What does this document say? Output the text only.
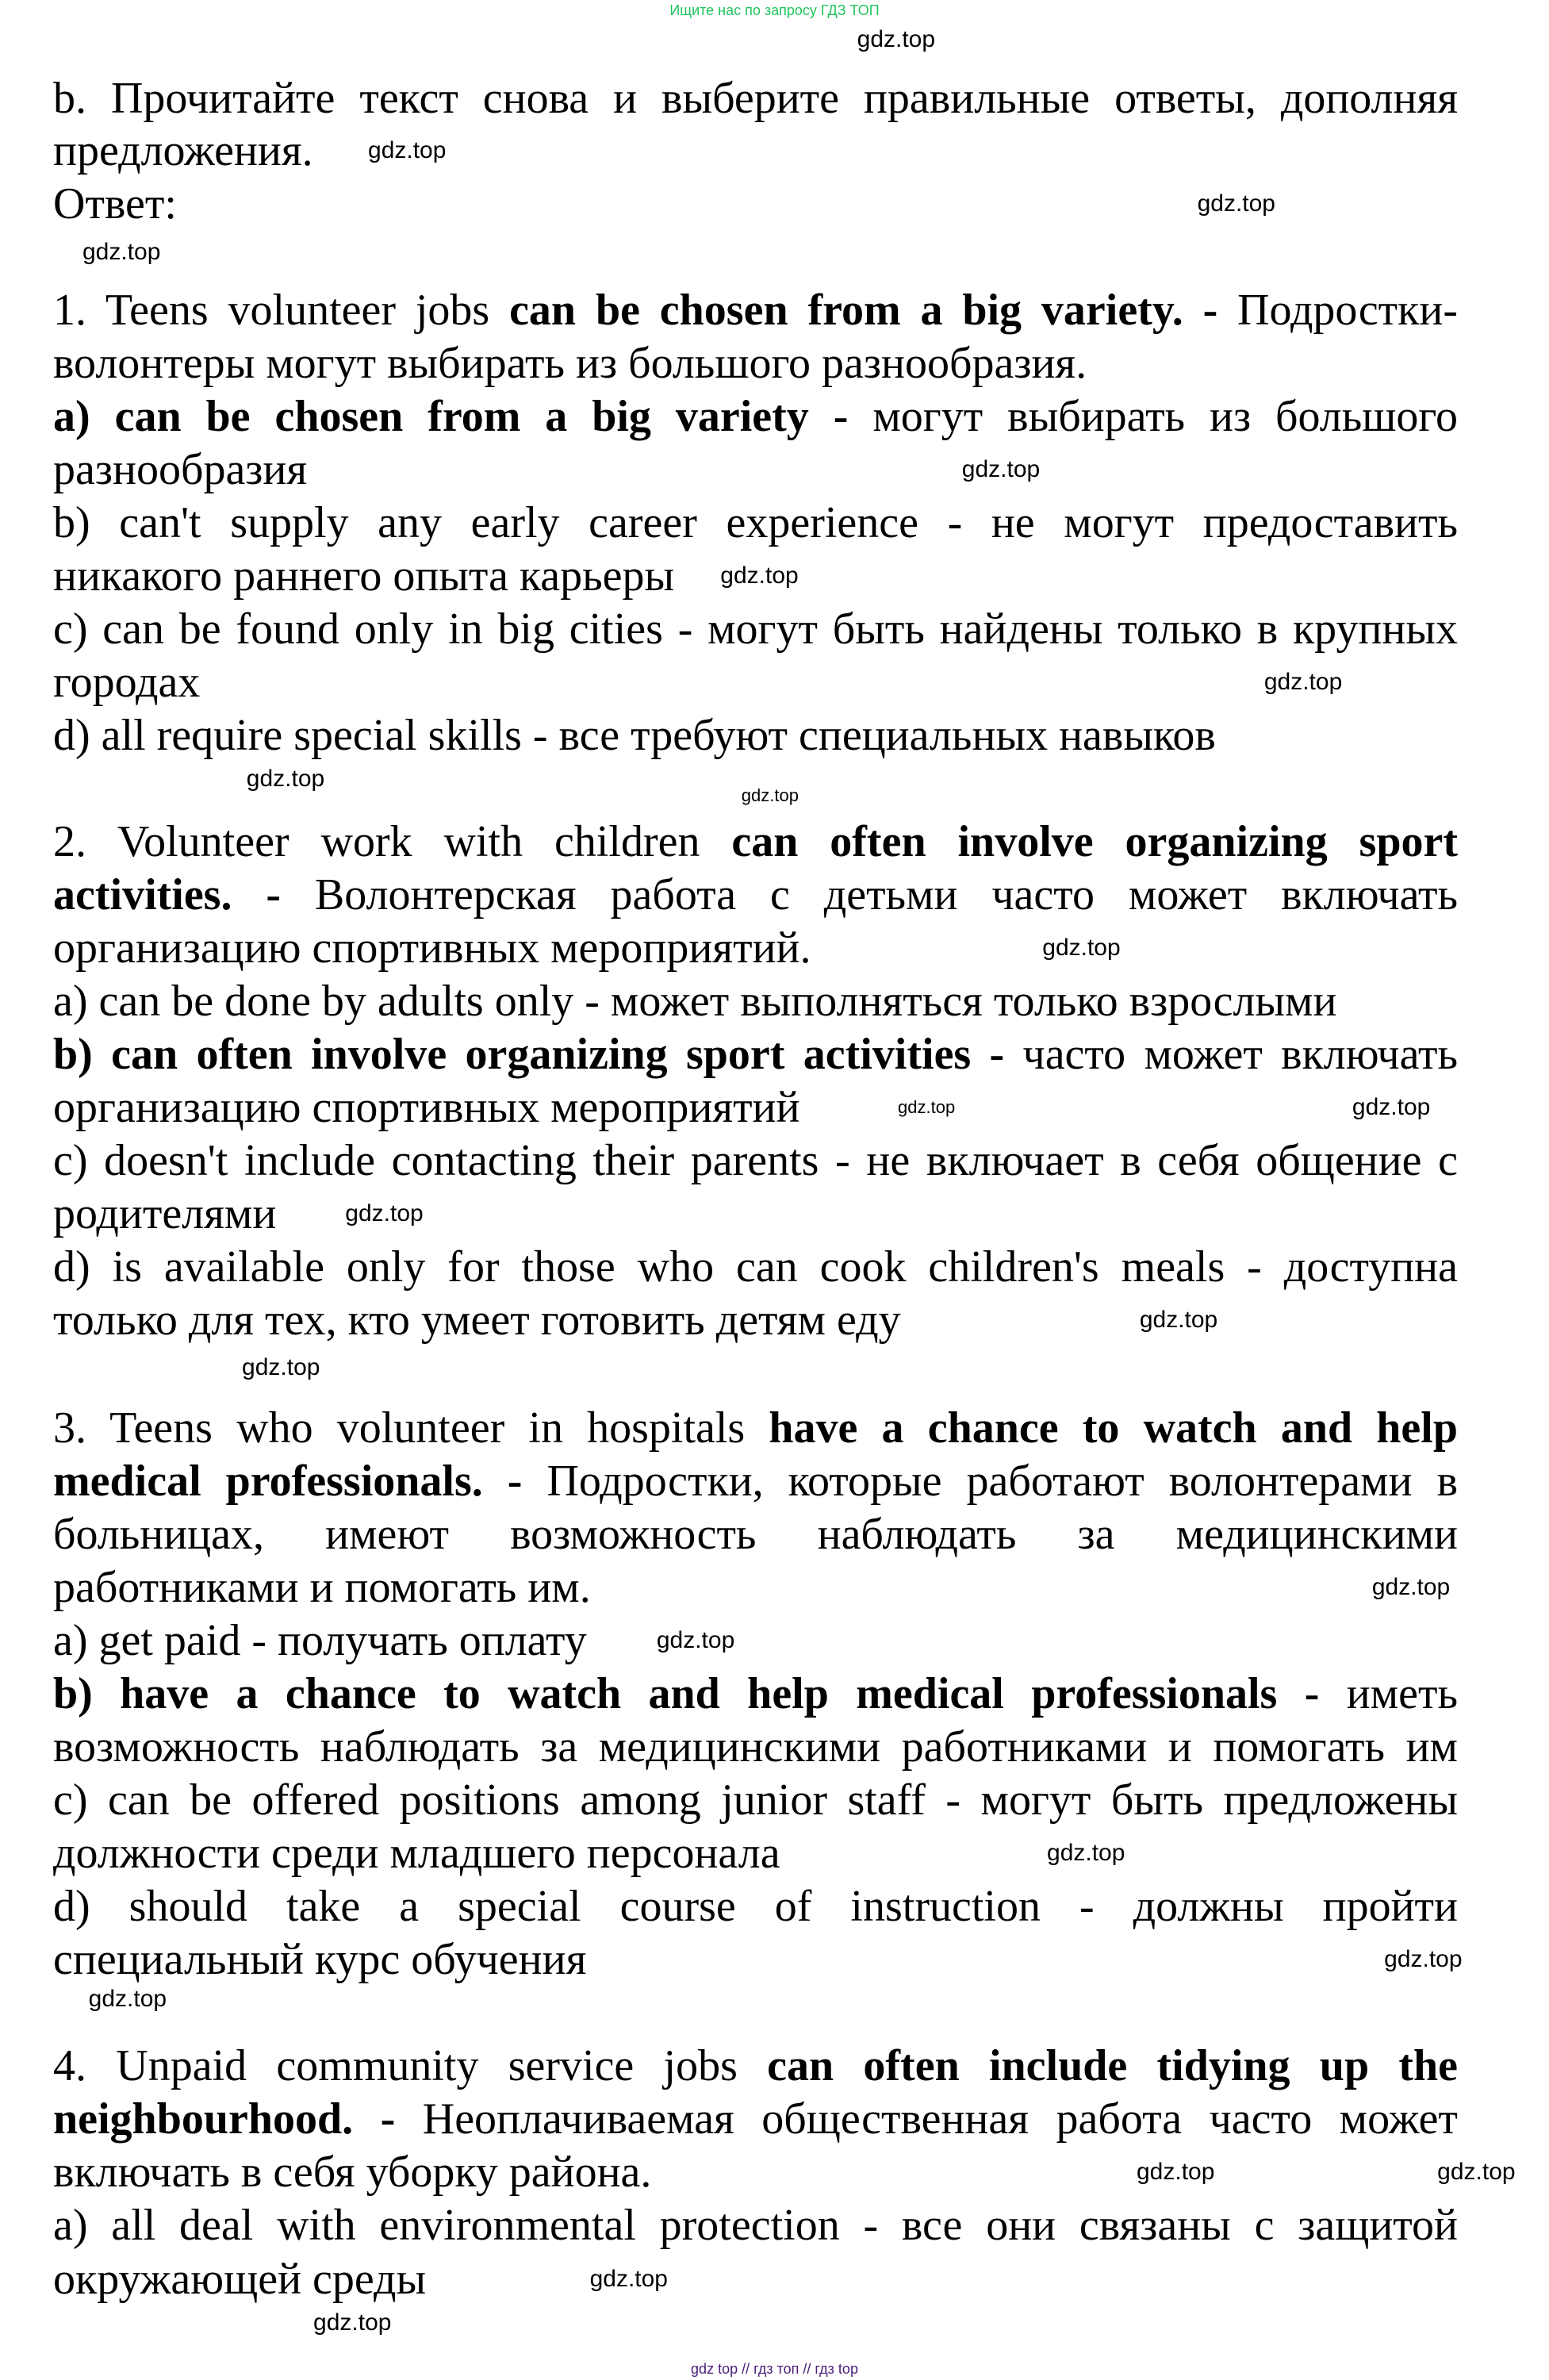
Ищите нас по запросу ГДЗ ТОП
b. Прочитайте текст снова и выберите правильные ответы, дополняя
предложения.
Ответ:
1. Teens volunteer jobs can be chosen from a big variety. - Подростки-
волонтеры могут выбирать из большого разнообразия.
a) can be chosen from a big variety - могут выбирать из большого
разнообразия
b) can't supply any early career experience - не могут предоставить
никакого раннего опыта карьеры
c) can be found only in big cities - могут быть найдены только в крупных
городах
d) all require special skills - все требуют специальных навыков
2. Volunteer work with children can often involve organizing sport
activities. - Волонтерская работа с детьми часто может включать
организацию спортивных мероприятий.
a) can be done by adults only - может выполняться только взрослыми
b) can often involve organizing sport activities - часто может включать
организацию спортивных мероприятий
c) doesn't include contacting their parents - не включает в себя общение с
родителями
d) is available only for those who can cook children's meals - доступна
только для тех, кто умеет готовить детям еду
3. Teens who volunteer in hospitals have a chance to watch and help
medical professionals. - Подростки, которые работают волонтерами в
больницах, имеют возможность наблюдать за медицинскими
работниками и помогать им.
a) get paid - получать оплату
b) have a chance to watch and help medical professionals - иметь
возможность наблюдать за медицинскими работниками и помогать им
c) can be offered positions among junior staff - могут быть предложены
должности среди младшего персонала
d) should take a special course of instruction - должны пройти
специальный курс обучения
4. Unpaid community service jobs can often include tidying up the
neighbourhood. - Неоплачиваемая общественная работа часто может
включать в себя уборку района.
a) all deal with environmental protection - все они связаны с защитой
окружающей среды
gdz.top
gdz.top
gdz.top
gdz.top
gdz.top
gdz.top
gdz.top
gdz.top
gdz.top
gdz.top
gdz.top	gdz.top
gdz.top
gdz.top
gdz.top
gdz.top
gdz.top
gdz.top
gdz.top
gdz.top
gdz.top
gdz.top
gdz.top
gdz.top
gdz top // гдз топ // гдз top
